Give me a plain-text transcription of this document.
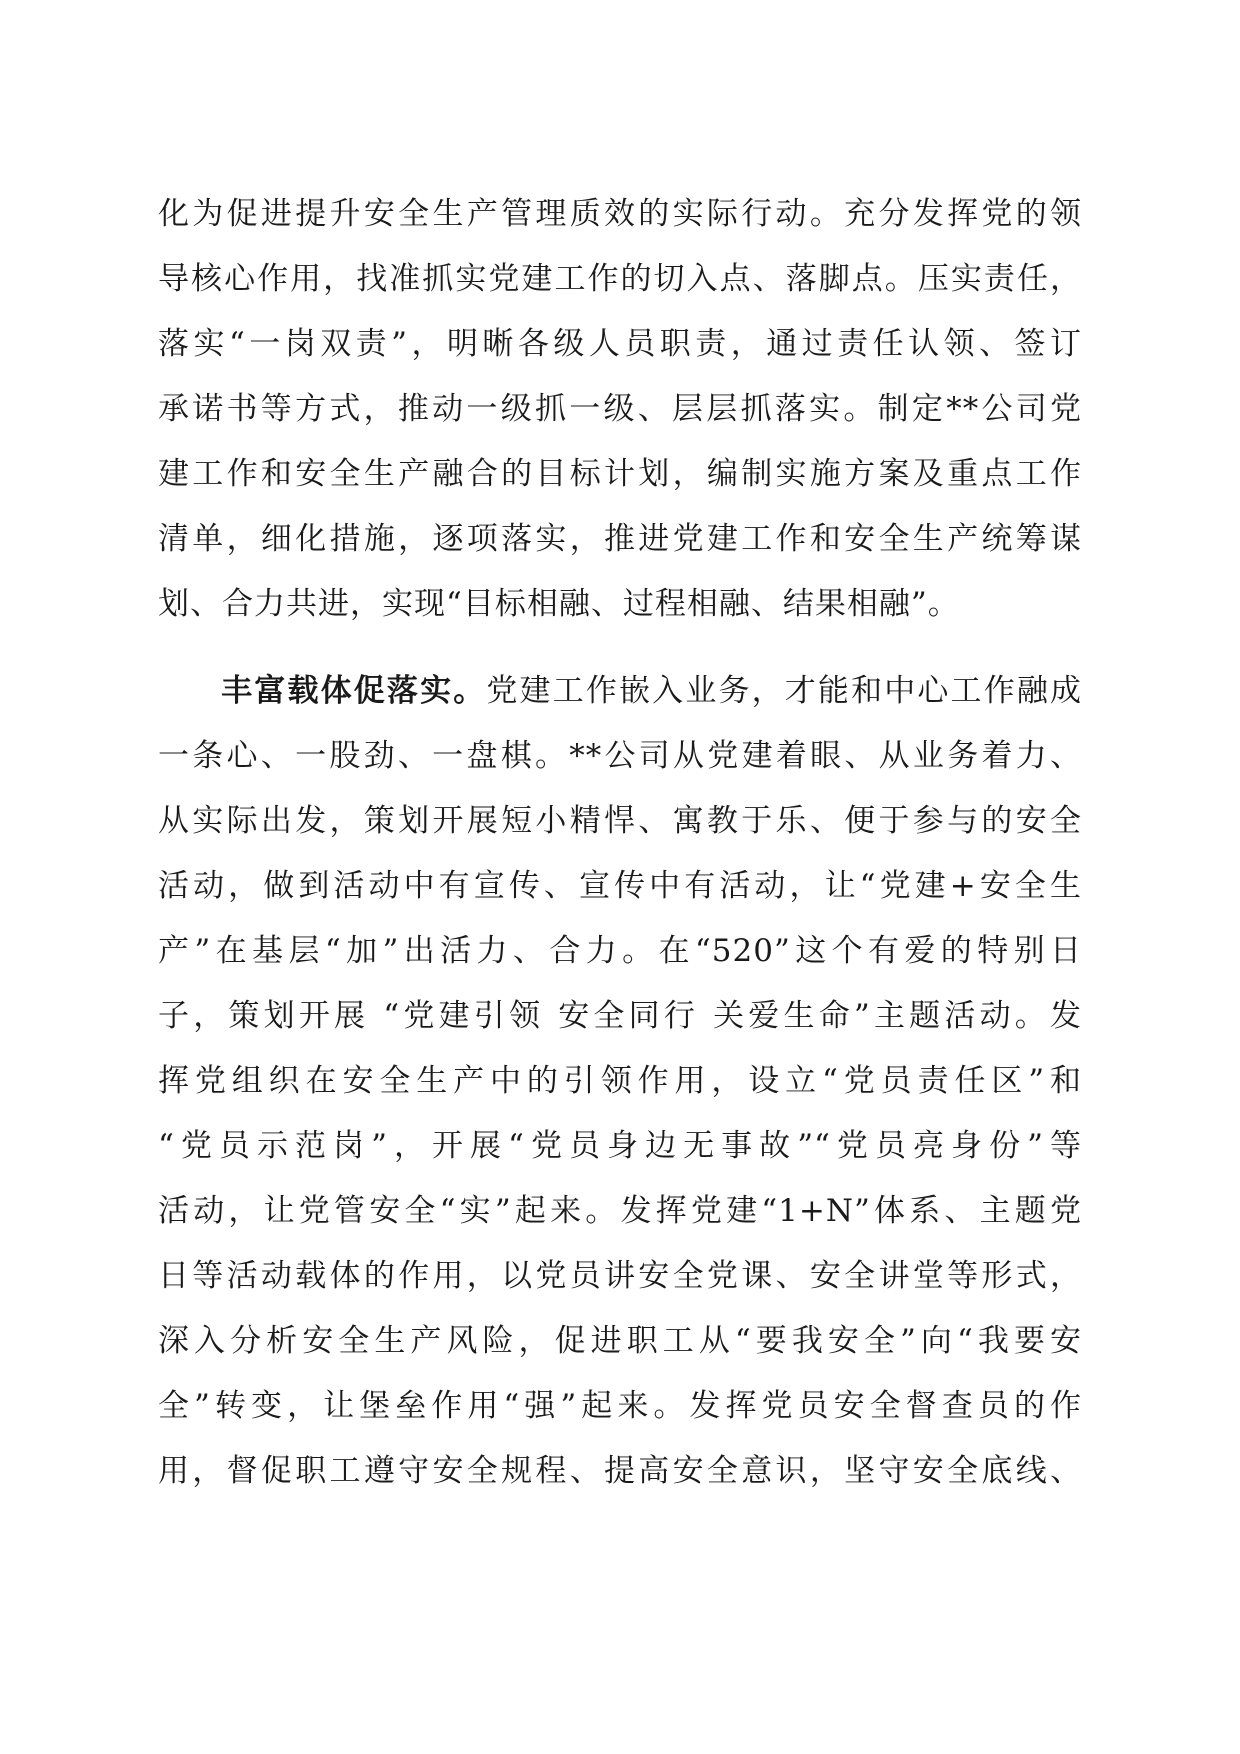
化为促进提升安全生产管理质效的实际行动。充分发挥党的领
导核心作用，找准抓实党建工作的切入点、落脚点。压实责任，
落实“一岗双责”，明晰各级人员职责，通过责任认领、签订
承诺书等方式，推动一级抓一级、层层抓落实。制定**公司党
建工作和安全生产融合的目标计划，编制实施方案及重点工作
清单，细化措施，逐项落实，推进党建工作和安全生产统筹谋
划、合力共进，实现“目标相融、过程相融、结果相融”。
丰富载体促落实。党建工作嵌入业务，才能和中心工作融成
一条心、一股劲、一盘棋。**公司从党建着眼、从业务着力、
从实际出发，策划开展短小精悍、寓教于乐、便于参与的安全
活动，做到活动中有宣传、宣传中有活动，让“党建+安全生
产”在基层“加”出活力、合力。在“520”这个有爱的特别日
子，策划开展 “党建引领 安全同行 关爱生命”主题活动。发
挥党组织在安全生产中的引领作用，设立“党员责任区”和
“党员示范岗”，开展“党员身边无事故”“党员亮身份”等
活动，让党管安全“实”起来。发挥党建“1+N”体系、主题党
日等活动载体的作用，以党员讲安全党课、安全讲堂等形式，
深入分析安全生产风险，促进职工从“要我安全”向“我要安
全”转变，让堡垒作用“强”起来。发挥党员安全督查员的作
用，督促职工遵守安全规程、提高安全意识，坚守安全底线、
